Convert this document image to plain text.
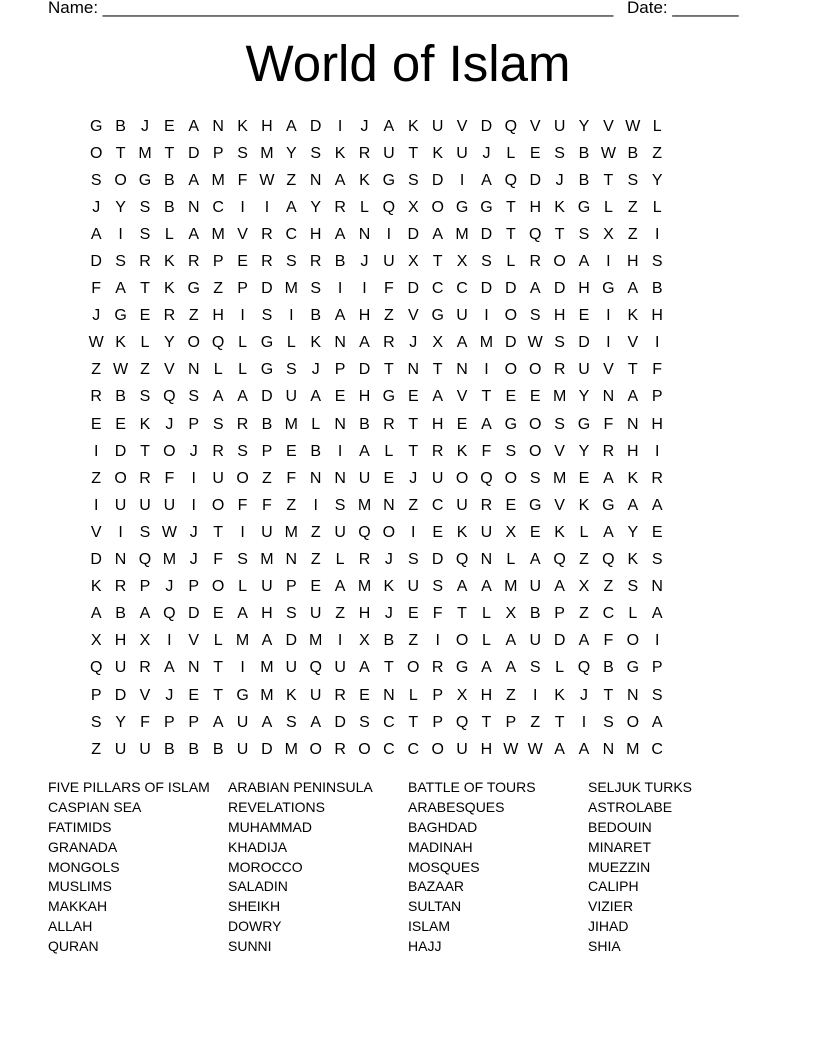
Name: ______________________________________________________ Date: _______
World of Islam
G B J E A N K H A D	I	J A K U V D Q V U Y V W L
O T M T D P S M Y S K R U T K U J L E S B W B Z
S O G B A M F W Z N A K G S D	I	A Q D J B T S Y
J Y S B N C	I	I	A Y R L Q X O G G T H K G L Z L
A	I	S L A M V R C H A N	I	D A M D T Q T S X Z	I
D S R K R P E R S R B J U X T X S L R O A	I	H S
F A T K G Z P D M S	I	I	F D C C D D A D H G A B
J G E R Z H	I	S	I	B A H Z V G U	I O S H E	I	K H
W K L Y O Q L G L K N A R J X A M D W S D	I	V	I
Z W Z V N L L G S J P D T N T N	I O O R U V T F
R B S Q S A A D U A E H G E A V T E E M Y N A P
E E K J P S R B M L N B R T H E A G O S G F N H
I	D T O J R S P E B	I	A L T R K F S O V Y R H	I
Z O R F	I	U O Z F N N U E J U O Q O S M E A K R
I	U U U	I O F F Z	I	S M N Z C U R E G V K G A A
V	I	S W J T	I	U M Z U Q O I	E K U X E K L A Y E
D N Q M J F S M N Z L R J S D Q N L A Q Z Q K S
K R P J P O L U P E A M K U S A A M U A X Z S N
A B A Q D E A H S U Z H J E F T L X B P Z C L A
X H X	I	V L M A D M I	X B Z	I O L A U D A F O I
Q U R A N T	I M U Q U A T O R G A A S L Q B G P
P D V J E T G M K U R E N L P X H Z	I	K J T N S
S Y F P P A U A S A D S C T P Q T P Z T	I	S O A
Z U U B B B U D M O R O C C O U H W W A A N M C
FIVE PILLARS OF ISLAM
CASPIAN SEA
FATIMIDS
GRANADA
MONGOLS
MUSLIMS
MAKKAH
ALLAH
QURAN
ARABIAN PENINSULA
REVELATIONS
MUHAMMAD
KHADIJA
MOROCCO
SALADIN
SHEIKH
DOWRY
SUNNI
BATTLE OF TOURS
ARABESQUES
BAGHDAD
MADINAH
MOSQUES
BAZAAR
SULTAN
ISLAM
HAJJ
SELJUK TURKS
ASTROLABE
BEDOUIN
MINARET
MUEZZIN
CALIPH
VIZIER
JIHAD
SHIA
